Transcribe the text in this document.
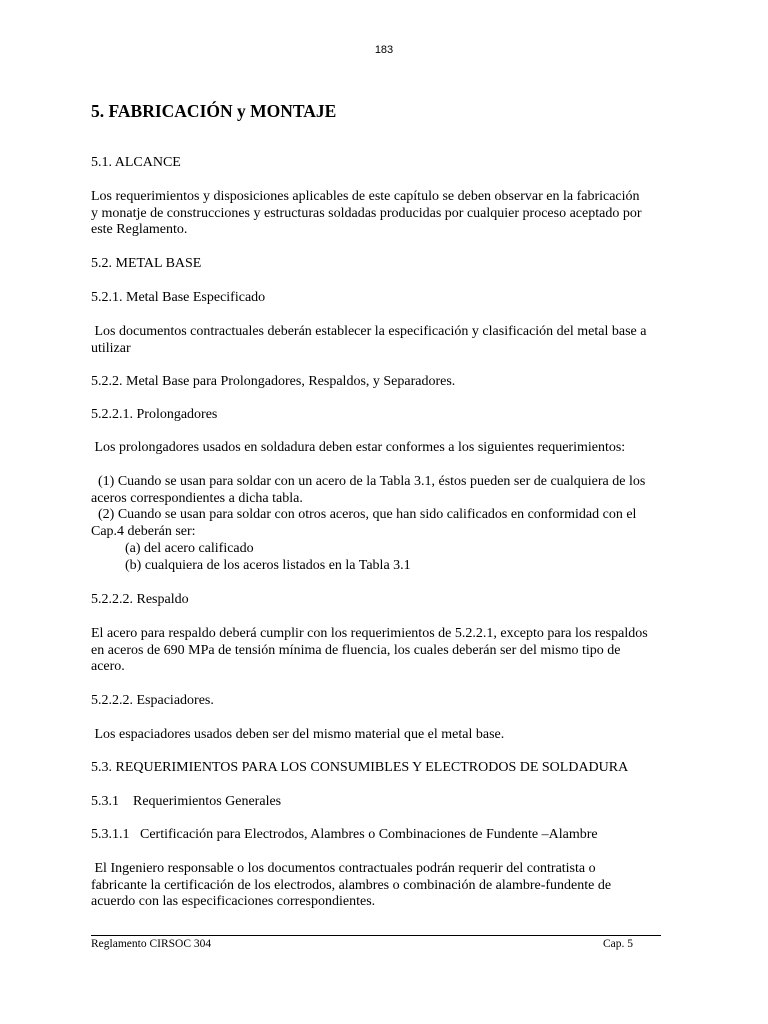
183
5. FABRICACIÓN y MONTAJE
5.1. ALCANCE
Los requerimientos y disposiciones aplicables de este capítulo se deben observar en la fabricación
y monatje de construcciones y estructuras soldadas producidas por cualquier proceso aceptado por
este Reglamento.
5.2. METAL BASE
5.2.1. Metal Base Especificado
Los documentos contractuales deberán establecer la especificación y clasificación del metal base a
utilizar
5.2.2. Metal Base para Prolongadores, Respaldos, y Separadores.
5.2.2.1. Prolongadores
Los prolongadores usados en soldadura deben estar conformes a los siguientes requerimientos:
(1) Cuando se usan para soldar con un acero de la Tabla 3.1, éstos pueden ser de cualquiera de los
aceros correspondientes a dicha tabla.
(2) Cuando se usan para soldar con otros aceros, que han sido calificados en conformidad con el
Cap.4 deberán ser:
(a) del acero calificado
(b) cualquiera de los aceros listados en la Tabla 3.1
5.2.2.2. Respaldo
El acero para respaldo deberá cumplir con los requerimientos de 5.2.2.1, excepto para los respaldos
en aceros de 690 MPa de tensión mínima de fluencia, los cuales deberán ser del mismo tipo de
acero.
5.2.2.2. Espaciadores.
Los espaciadores usados deben ser del mismo material que el metal base.
5.3. REQUERIMIENTOS PARA LOS CONSUMIBLES Y ELECTRODOS DE SOLDADURA
5.3.1    Requerimientos Generales
5.3.1.1   Certificación para Electrodos, Alambres o Combinaciones de Fundente –Alambre
El Ingeniero responsable o los documentos contractuales podrán requerir del contratista o
fabricante la certificación de los electrodos, alambres o combinación de alambre-fundente de
acuerdo con las especificaciones correspondientes.
Reglamento CIRSOC 304	Cap. 5
